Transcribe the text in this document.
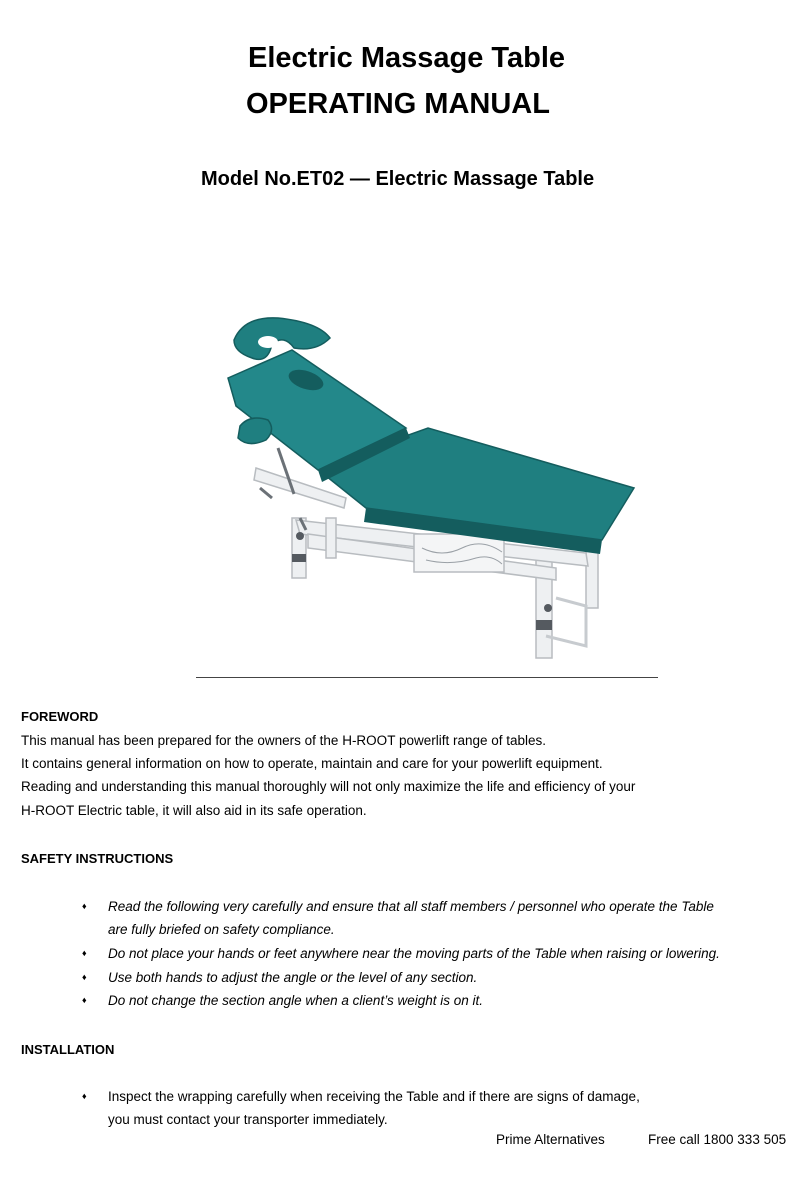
Electric Massage Table
OPERATING MANUAL
Model No.ET02 — Electric Massage Table
FOREWORD
This manual has been prepared for the owners of the H-ROOT powerlift range of tables.
It contains general information on how to operate, maintain and care for your powerlift equipment.
Reading and understanding this manual thoroughly will not only maximize the life and efficiency of your
H-ROOT Electric table, it will also aid in its safe operation.
SAFETY INSTRUCTIONS
♦ Read the following very carefully and ensure that all staff members / personnel who operate the Table
are fully briefed on safety compliance.
♦ Do not place your hands or feet anywhere near the moving parts of the Table when raising or lowering.
♦ Use both hands to adjust the angle or the level of any section.
♦ Do not change the section angle when a client’s weight is on it.
INSTALLATION
♦ Inspect the wrapping carefully when receiving the Table and if there are signs of damage,
you must contact your transporter immediately.
Prime Alternatives	Free call 1800 333 505
